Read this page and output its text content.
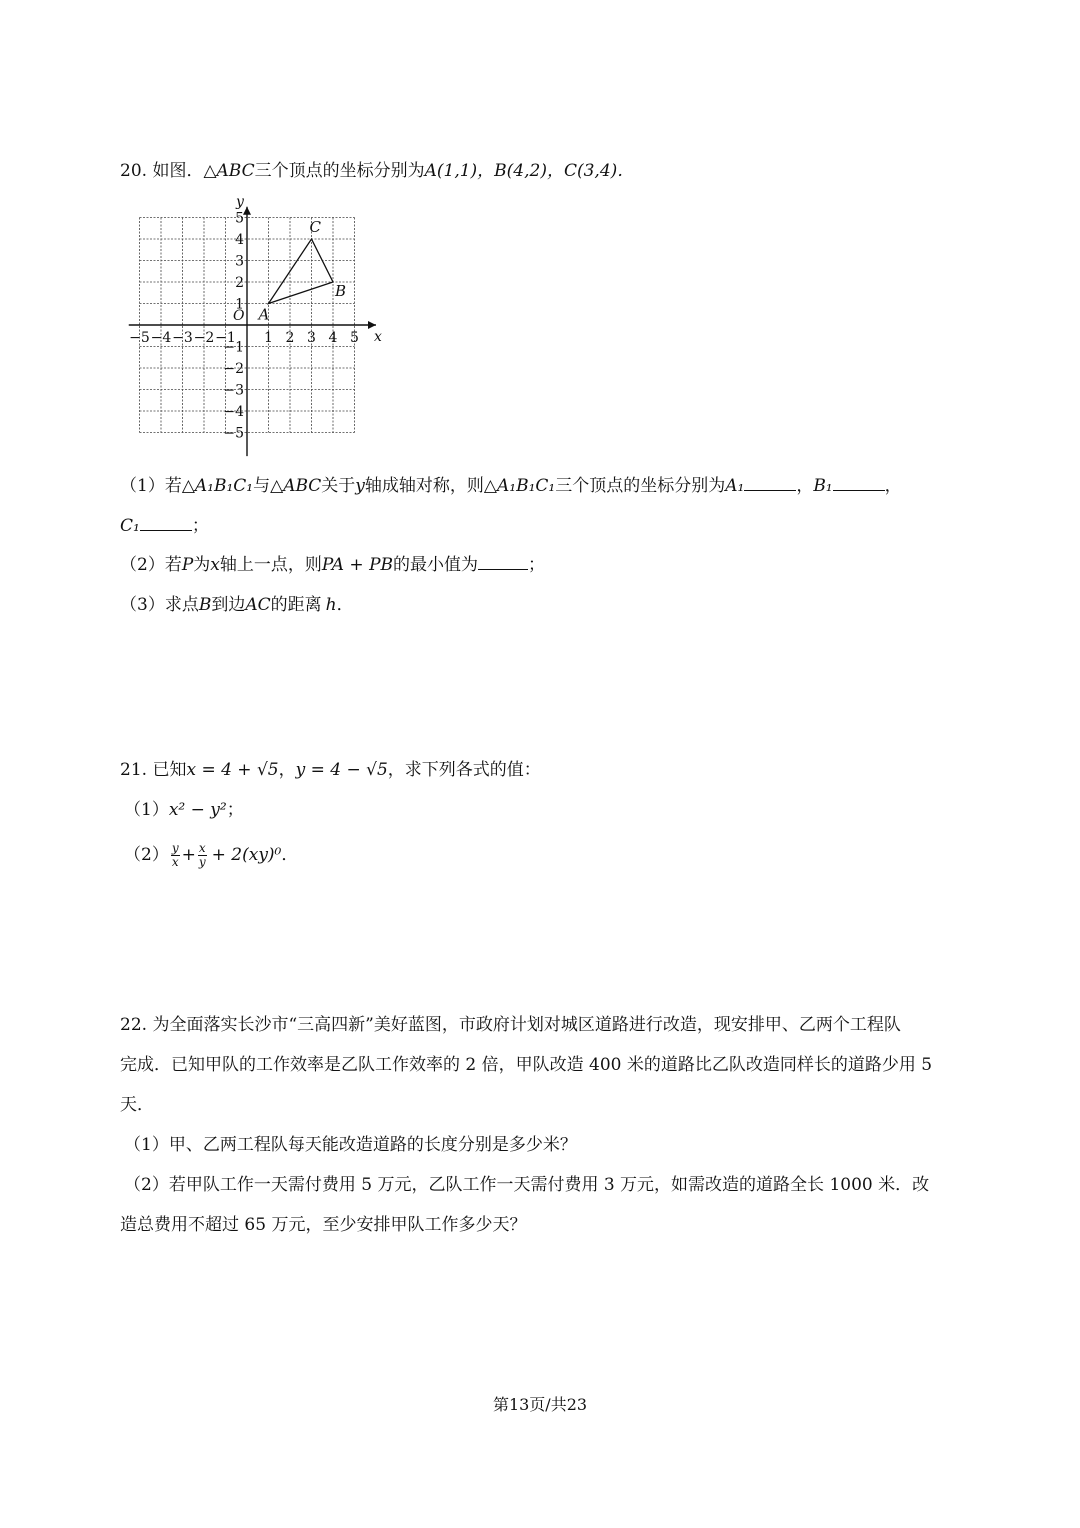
20. 如图．△ABC三个顶点的坐标分别为A(1,1)，B(4,2)，C(3,4)．
x
y
O
−5 −4 −3 −2 −1 1 2 3 4 5
5
4
3
2
1
−1
−2
−3
−4
−5
A
B
C
（1）若△A₁B₁C₁与△ABC关于y轴成轴对称，则△A₁B₁C₁三个顶点的坐标分别为A₁	，B₁	，
C₁	；
（2）若P为x轴上一点，则PA + PB的最小值为	；
（3）求点B到边AC的距离 h．
21. 已知x = 4 + √5，y = 4 − √5，求下列各式的值：
（1）x² − y²；
$(2) \frac{y}{x} + \frac{x}{y} + 2(xy)^0$．
22. 为全面落实长沙市“三高四新”美好蓝图，市政府计划对城区道路进行改造，现安排甲、乙两个工程队
完成．已知甲队的工作效率是乙队工作效率的 2 倍，甲队改造 400 米的道路比乙队改造同样长的道路少用 5
天．
（1）甲、乙两工程队每天能改造道路的长度分别是多少米？
（2）若甲队工作一天需付费用 5 万元，乙队工作一天需付费用 3 万元，如需改造的道路全长 1000 米．改
造总费用不超过 65 万元，至少安排甲队工作多少天？
第13页/共23
